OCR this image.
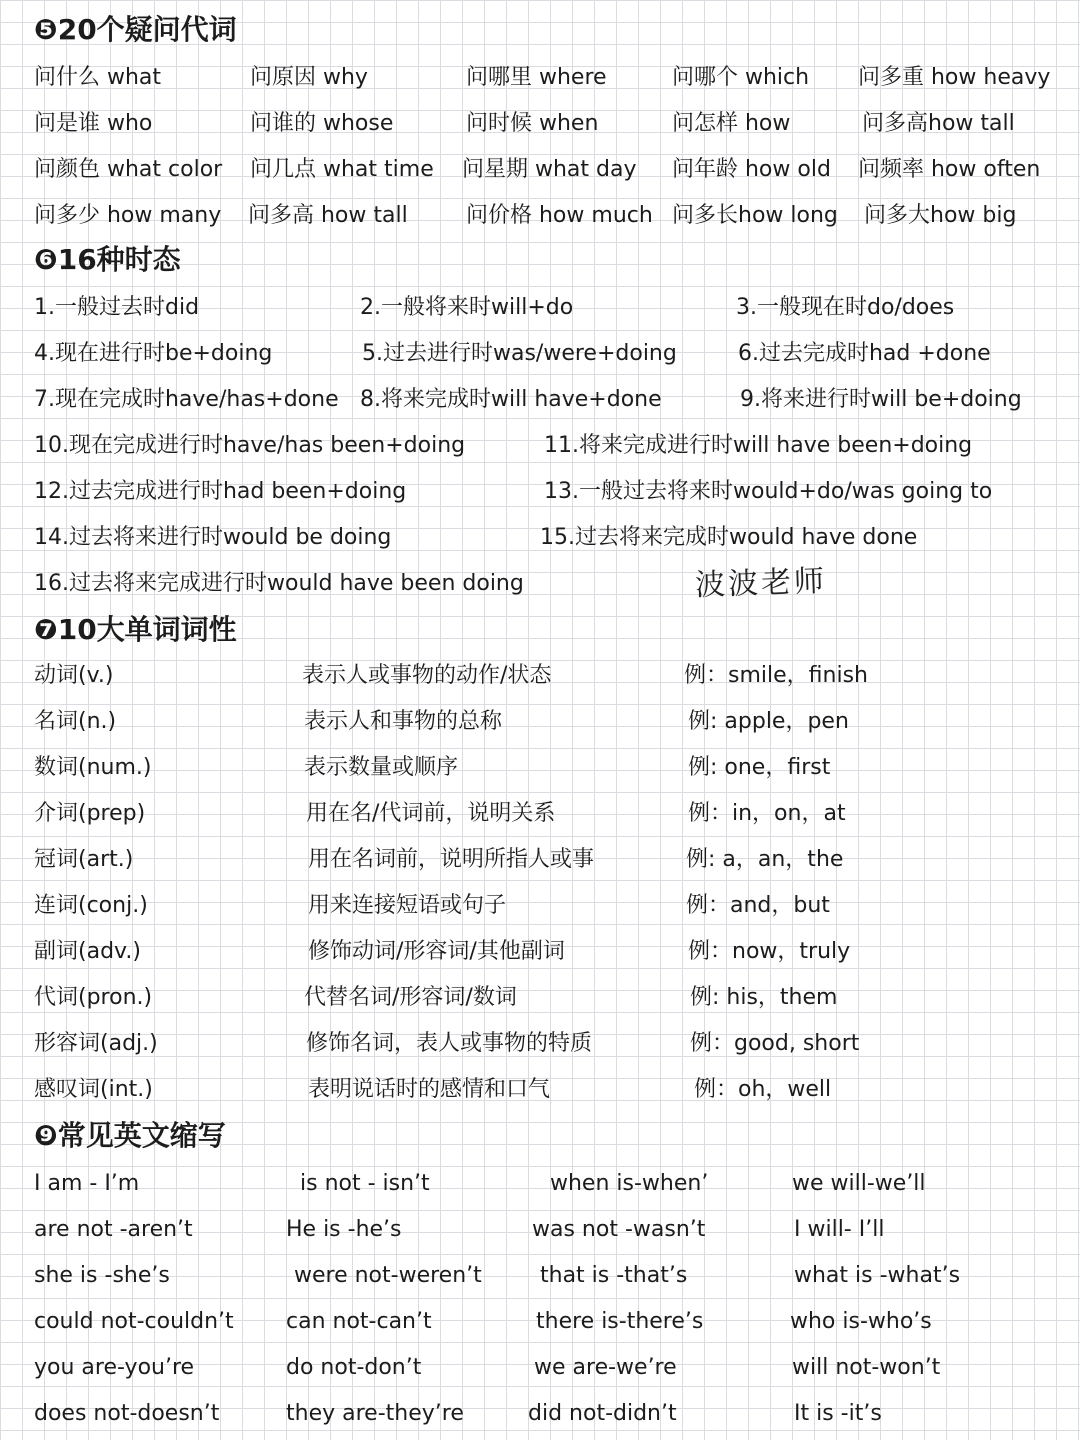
❺20个疑问代词
问什么 what	问原因 why	问哪里 where	问哪个 which 问多重 how heavy
问是谁 who	问谁的 whose	问时候 when	问怎样 how	问多高how tall
问颜色 what color 问几点 what time 问星期 what day 问年龄 how old 问频率 how often
问多少 how many 问多高 how tall	问价格 how much 问多长how long 问多大how big
❻16种时态
1.一般过去时did	2.一般将来时will+do	3.一般现在时do/does
4.现在进行时be+doing	5.过去进行时was/were+doing	6.过去完成时had +done
7.现在完成时have/has+done 8.将来完成时will have+done	9.将来进行时will be+doing
10.现在完成进行时have/has been+doing	11.将来完成进行时will have been+doing
12.过去完成进行时had been+doing	13.一般过去将来时would+do/was going to
14.过去将来进行时would be doing	15.过去将来完成时would have done
16.过去将来完成进行时would have been doing	波波老师
❼10大单词词性
动词(v.)	表示人或事物的动作/状态	例：smile，finish
名词(n.)	表示人和事物的总称	例: apple，pen
数词(num.)	表示数量或顺序	例: one，first
介词(prep)	用在名/代词前，说明关系	例：in，on，at
冠词(art.)	用在名词前，说明所指人或事	例: a，an，the
连词(conj.)	用来连接短语或句子	例：and，but
副词(adv.)	修饰动词/形容词/其他副词	例：now，truly
代词(pron.)	代替名词/形容词/数词	例: his，them
形容词(adj.)	修饰名词，表人或事物的特质	例：good, short
感叹词(int.)	表明说话时的感情和口气	例：oh，well
❾常见英文缩写
I am - I’m	is not - isn’t	when is-when’	we will-we’ll
are not -aren’t	He is -he’s	was not -wasn’t	I will- I’ll
she is -she’s	were not-weren’t	that is -that’s	what is -what’s
could not-couldn’t can not-can’t	there is-there’s	who is-who’s
you are-you’re	do not-don’t	we are-we’re	will not-won’t
does not-doesn’t	they are-they’re	did not-didn’t	It is -it’s
